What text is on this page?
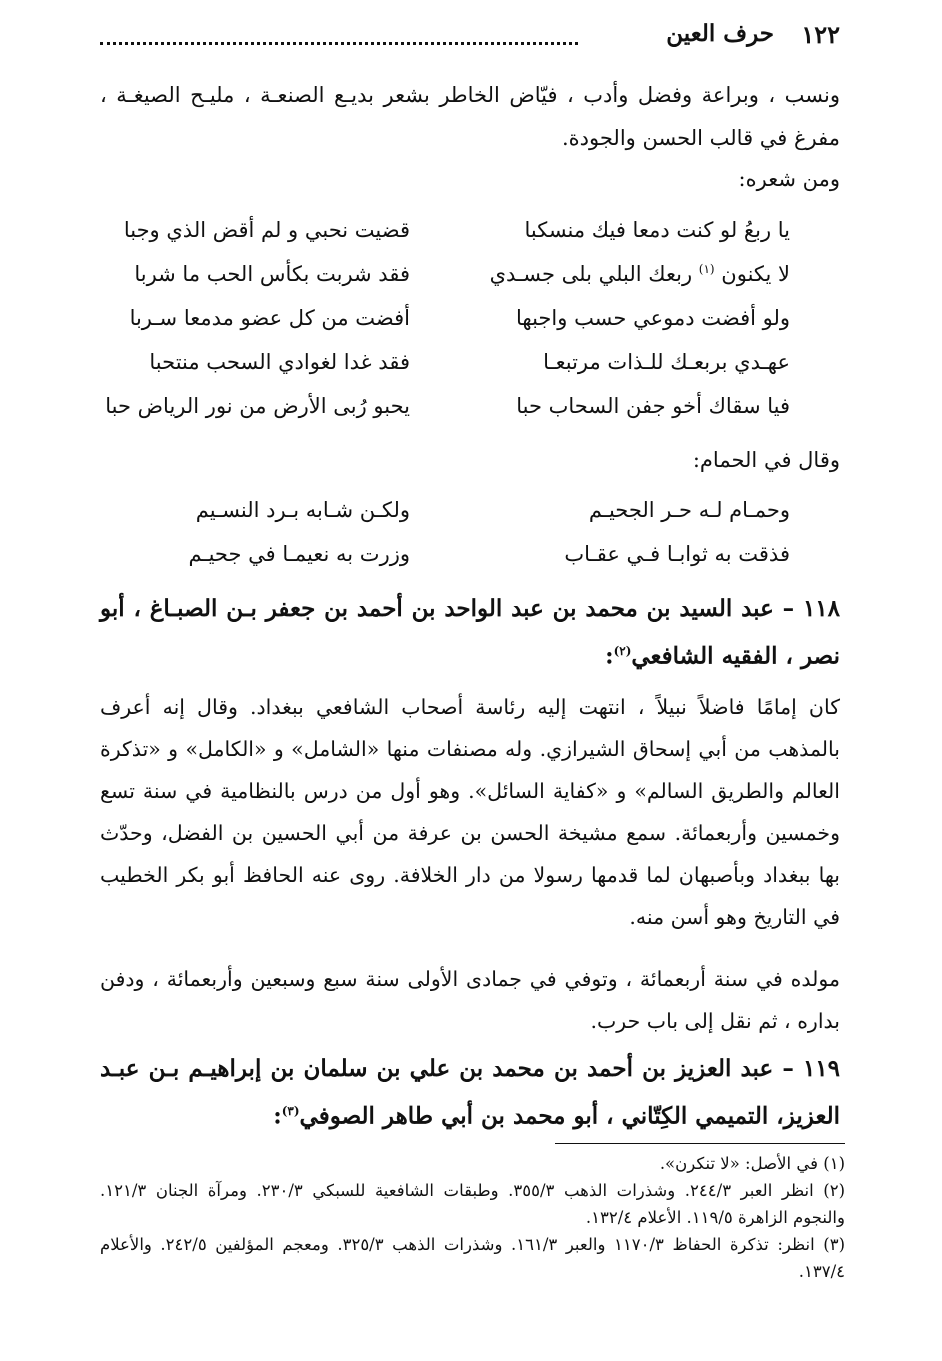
١٢٢
حرف العين
ونسب ، وبراعة وفضل وأدب ، فيّاض الخاطر بشعر بديـع الصنعـة ، مليـح الصيغـة ، مفرغ في قالب الحسن والجودة.
ومن شعره:
يا ربعُ لو كنت دمعا فيك منسكبا
قضيت نحبي و لم أقض الذي وجبا
لا يكنون $^{(١)}$ ربعك البلي بلى جسـدي
فقد شربت بكأس الحب ما شربا
ولو أفضت دموعي حسب واجبها
أفضت من كل عضو مدمعا سـربا
عهـدي بربعـك للـذات مرتبعـا
فقد غدا لغوادي السحب منتحبا
فيا سقاك أخو جفن السحاب حبا
يحبو رُبى الأرض من نور الرياض حبا
وقال في الحمام:
وحمـام لـه حـر الجحيـم
ولكـن شـابه بـرد النسـيم
فذقت به ثوابـا فـي عقـاب
وزرت به نعيمـا في جحيـم
١١٨ – عبد السيد بن محمد بن عبد الواحد بن أحمد بن جعفر بـن الصبـاغ ، أبو نصر ، الفقيه الشافعي$^{(٢)}$:
كان إمامًا فاضلاً نبيلاً ، انتهت إليه رئاسة أصحاب الشافعي ببغداد. وقال إنه أعرف بالمذهب من أبي إسحاق الشيرازي. وله مصنفات منها «الشامل» و «الكامل» و «تذكرة العالم والطريق السالم» و «كفاية السائل». وهو أول من درس بالنظامية في سنة تسع وخمسين وأربعمائة. سمع مشيخة الحسن بن عرفة من أبي الحسين بن الفضل، وحدّث بها ببغداد وبأصبهان لما قدمها رسولا من دار الخلافة. روى عنه الحافظ أبو بكر الخطيب في التاريخ وهو أسن منه.
مولده في سنة أربعمائة ، وتوفي في جمادى الأولى سنة سبع وسبعين وأربعمائة ، ودفن بداره ، ثم نقل إلى باب حرب.
١١٩ – عبد العزيز بن أحمد بن محمد بن علي بن سلمان بن إبراهيـم بـن عبـد العزيز، التميمي الكِتّاني ، أبو محمد بن أبي طاهر الصوفي$^{(٣)}$:
(١) في الأصل: «لا تنكرن».
(٢) انظر العبر ٢٤٤/٣. وشذرات الذهب ٣٥٥/٣. وطبقات الشافعية للسبكي ٢٣٠/٣. ومرآة الجنان ١٢١/٣. والنجوم الزاهرة ١١٩/٥. الأعلام ١٣٢/٤.
(٣) انظر: تذكرة الحفاظ ١١٧٠/٣ والعبر ١٦١/٣. وشذرات الذهب ٣٢٥/٣. ومعجم المؤلفين ٢٤٢/٥. والأعلام ١٣٧/٤.
